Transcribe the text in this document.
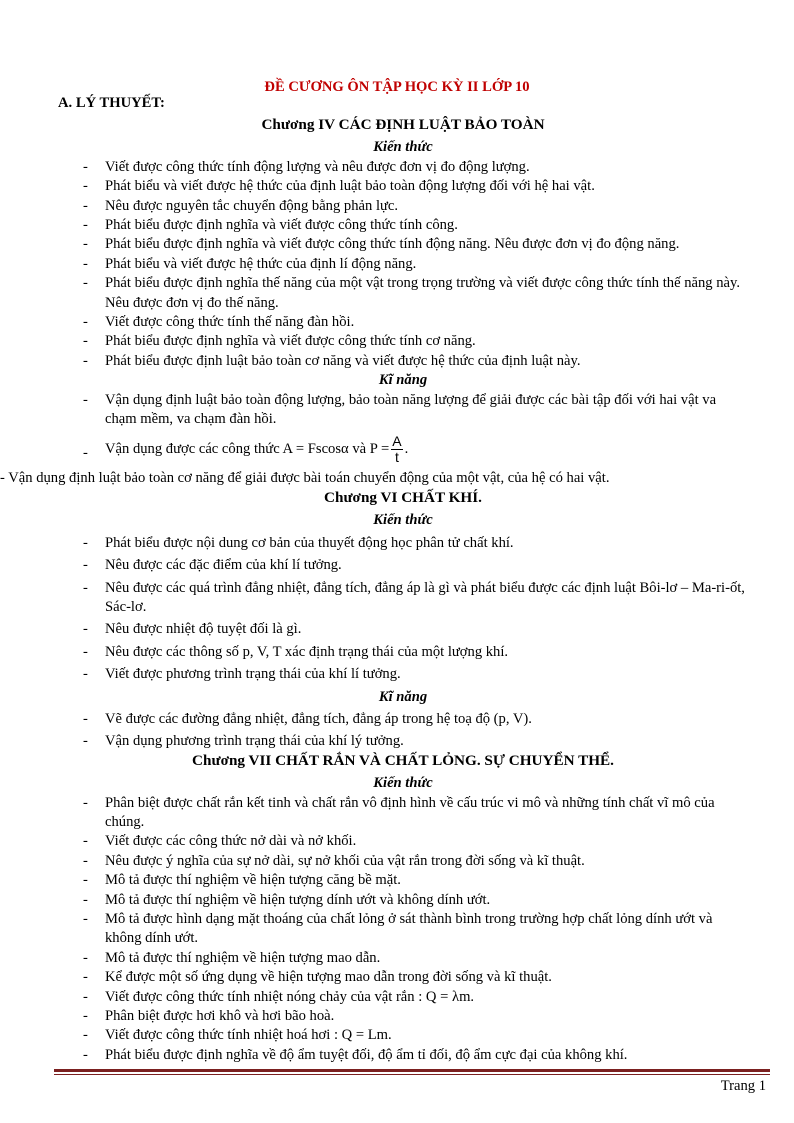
ĐỀ CƯƠNG ÔN TẬP HỌC KỲ II LỚP 10
A. LÝ THUYẾT:
Chương IV CÁC ĐỊNH LUẬT BẢO TOÀN
Kiến thức
- Viết được công thức tính động lượng và nêu được đơn vị đo động lượng.
- Phát biểu và viết được hệ thức của định luật bảo toàn động lượng đối với hệ hai vật.
- Nêu được nguyên tắc chuyển động bằng phản lực.
- Phát biểu được định nghĩa và viết được công thức tính công.
- Phát biểu được định nghĩa và viết được công thức tính động năng. Nêu được đơn vị đo động năng.
- Phát biểu và viết được hệ thức của định lí động năng.
- Phát biểu được định nghĩa thế năng của một vật trong trọng trường và viết được công thức tính thế năng này. Nêu được đơn vị đo thế năng.
- Viết được công thức tính thế năng đàn hồi.
- Phát biểu được định nghĩa và viết được công thức tính cơ năng.
- Phát biểu được định luật bảo toàn cơ năng và viết được hệ thức của định luật này.
Kĩ năng
- Vận dụng định luật bảo toàn động lượng, bảo toàn năng lượng để giải được các bài tập đối với hai vật va chạm mềm, va chạm đàn hồi.
- Vận dụng được các công thức A = Fscosα và $P = \frac{A}{t}$ .
- Vận dụng định luật bảo toàn cơ năng để giải được bài toán chuyển động của một vật, của hệ có hai vật.
Chương VI CHẤT KHÍ.
Kiến thức
- Phát biểu được nội dung cơ bản của thuyết động học phân tử chất khí.
- Nêu được các đặc điểm của khí lí tưởng.
- Nêu được các quá trình đẳng nhiệt, đẳng tích, đẳng áp là gì và phát biểu được các định luật Bôi-lơ – Ma-ri-ốt, Sác-lơ.
- Nêu được nhiệt độ tuyệt đối là gì.
- Nêu được các thông số p, V, T xác định trạng thái của một lượng khí.
- Viết được phương trình trạng thái của khí lí tưởng.
Kĩ năng
- Vẽ được các đường đẳng nhiệt, đẳng tích, đẳng áp trong hệ toạ độ (p, V).
- Vận dụng phương trình trạng thái của khí lý tưởng.
Chương VII CHẤT RẮN VÀ CHẤT LỎNG. SỰ CHUYỂN THỂ.
Kiến thức
- Phân biệt được chất rắn kết tinh và chất rắn vô định hình về cấu trúc vi mô và những tính chất vĩ mô của chúng.
- Viết được các công thức nở dài và nở khối.
- Nêu được ý nghĩa của sự nở dài, sự nở khối của vật rắn trong đời sống và kĩ thuật.
- Mô tả được thí nghiệm về hiện tượng căng bề mặt.
- Mô tả được thí nghiệm về hiện tượng dính ướt và không dính ướt.
- Mô tả được hình dạng mặt thoáng của chất lỏng ở sát thành bình trong trường hợp chất lỏng dính ướt và không dính ướt.
- Mô tả được thí nghiệm về hiện tượng mao dẫn.
- Kể được một số ứng dụng về hiện tượng mao dẫn trong đời sống và kĩ thuật.
- Viết được công thức tính nhiệt nóng chảy của vật rắn : Q = λm.
- Phân biệt được hơi khô và hơi bão hoà.
- Viết được công thức tính nhiệt hoá hơi : Q = Lm.
- Phát biểu được định nghĩa về độ ẩm tuyệt đối, độ ẩm tỉ đối, độ ẩm cực đại của không khí.
Trang 1
